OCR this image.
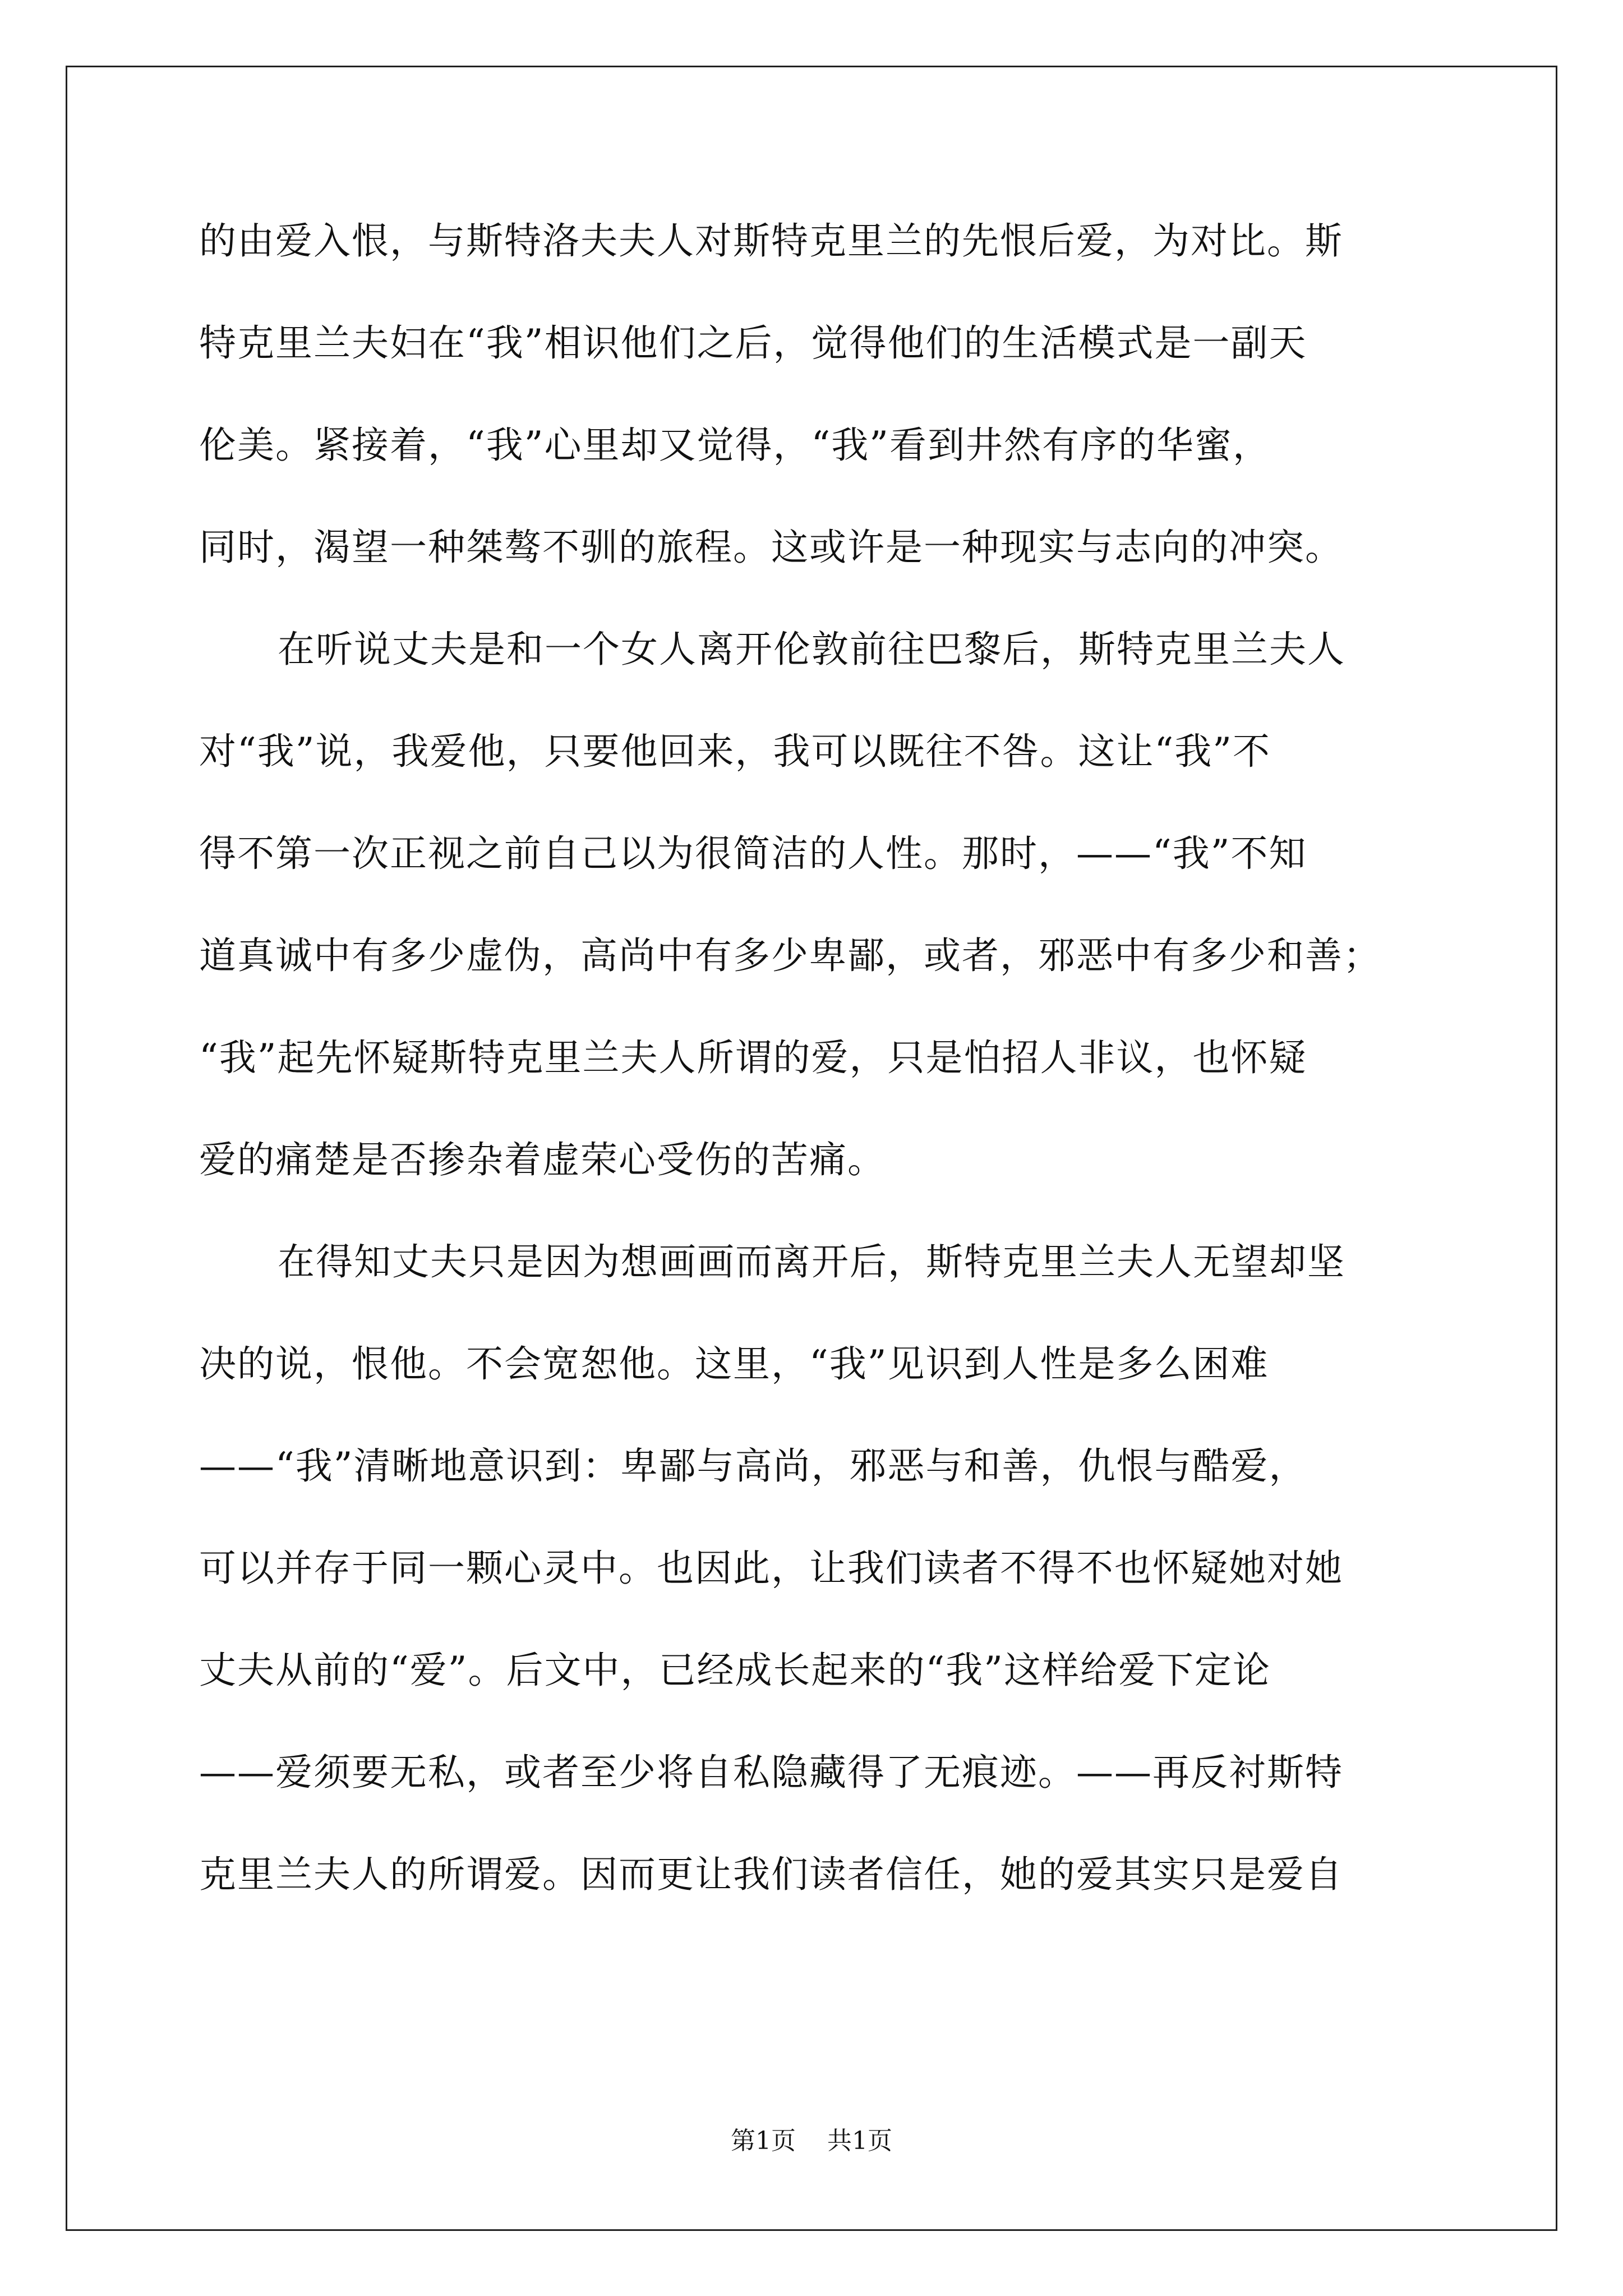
的由爱入恨，与斯特洛夫夫人对斯特克里兰的先恨后爱，为对比。斯
特克里兰夫妇在“我”相识他们之后，觉得他们的生活模式是一副天
伦美。紧接着，“我”心里却又觉得，“我”看到井然有序的华蜜，
同时，渴望一种桀骜不驯的旅程。这或许是一种现实与志向的冲突。
在听说丈夫是和一个女人离开伦敦前往巴黎后，斯特克里兰夫人
对“我”说，我爱他，只要他回来，我可以既往不咎。这让“我”不
得不第一次正视之前自己以为很简洁的人性。那时，——“我”不知
道真诚中有多少虚伪，高尚中有多少卑鄙，或者，邪恶中有多少和善；
“我”起先怀疑斯特克里兰夫人所谓的爱，只是怕招人非议，也怀疑
爱的痛楚是否掺杂着虚荣心受伤的苦痛。
在得知丈夫只是因为想画画而离开后，斯特克里兰夫人无望却坚
决的说，恨他。不会宽恕他。这里，“我”见识到人性是多么困难
——“我”清晰地意识到：卑鄙与高尚，邪恶与和善，仇恨与酷爱，
可以并存于同一颗心灵中。也因此，让我们读者不得不也怀疑她对她
丈夫从前的“爱”。后文中，已经成长起来的“我”这样给爱下定论
——爱须要无私，或者至少将自私隐藏得了无痕迹。——再反衬斯特
克里兰夫人的所谓爱。因而更让我们读者信任，她的爱其实只是爱自
第1页 共1页
